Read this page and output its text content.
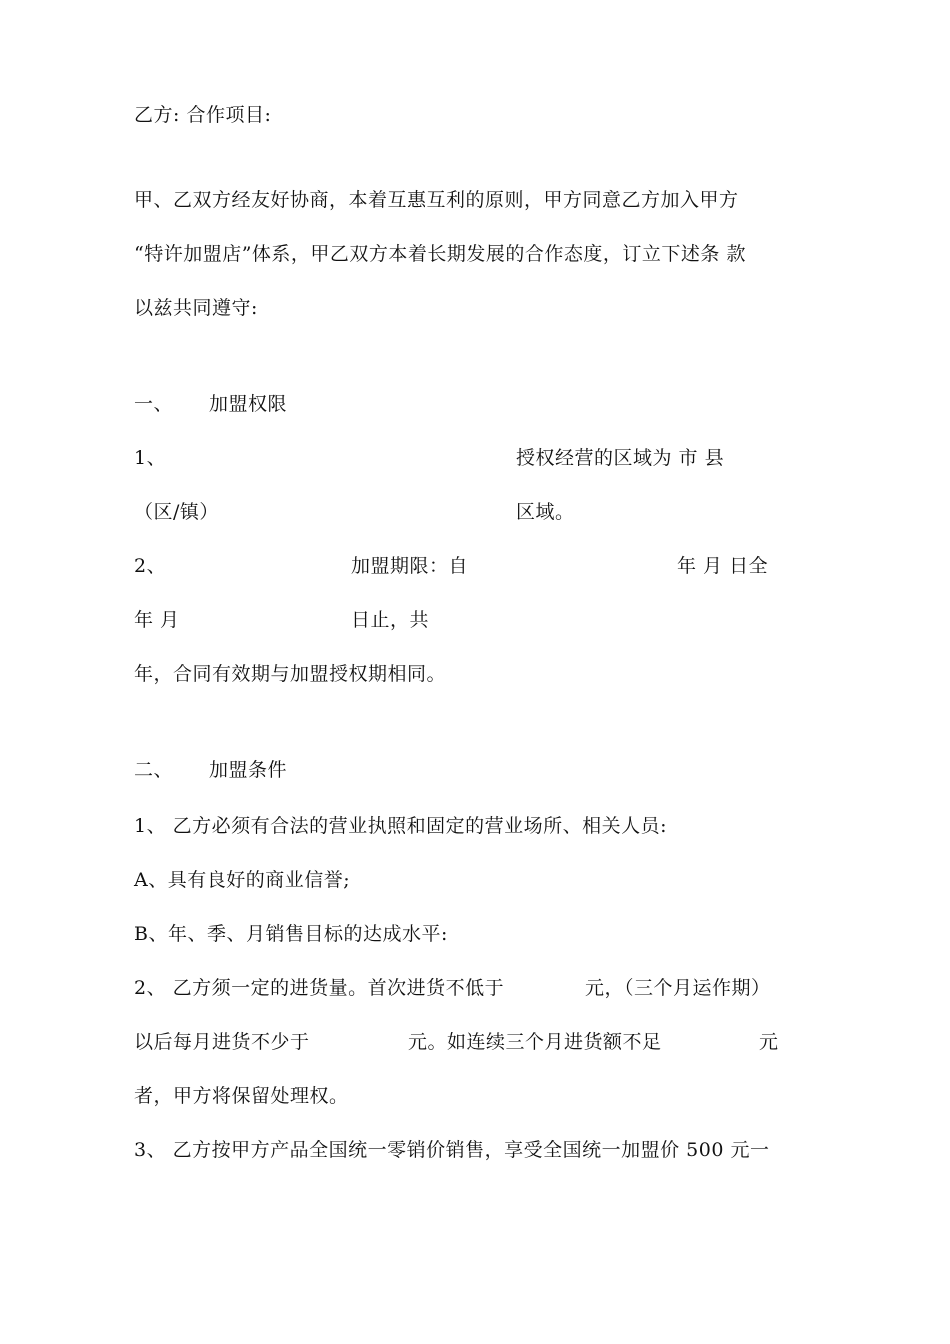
乙方: 合作项目:
甲、乙双方经友好协商，本着互惠互利的原则，甲方同意乙方加入甲方
“特许加盟店”体系，甲乙双方本着长期发展的合作态度，订立下述条 款
以兹共同遵守:
一、 加盟权限
1、	授权经营的区域为 市 县
（区/镇）	区域。
2、	加盟期限：自	年 月 日全
年 月	日止，共
年，合同有效期与加盟授权期相同。
二、 加盟条件
1、 乙方必须有合法的营业执照和固定的营业场所、相关人员:
A、具有良好的商业信誉;
B、年、季、月销售目标的达成水平:
2、 乙方须一定的进货量。首次进货不低于	元，（三个月运作期）
以后每月进货不少于	元。如连续三个月进货额不足	元
者，甲方将保留处理权。
3、 乙方按甲方产品全国统一零销价销售，享受全国统一加盟价 500 元一
